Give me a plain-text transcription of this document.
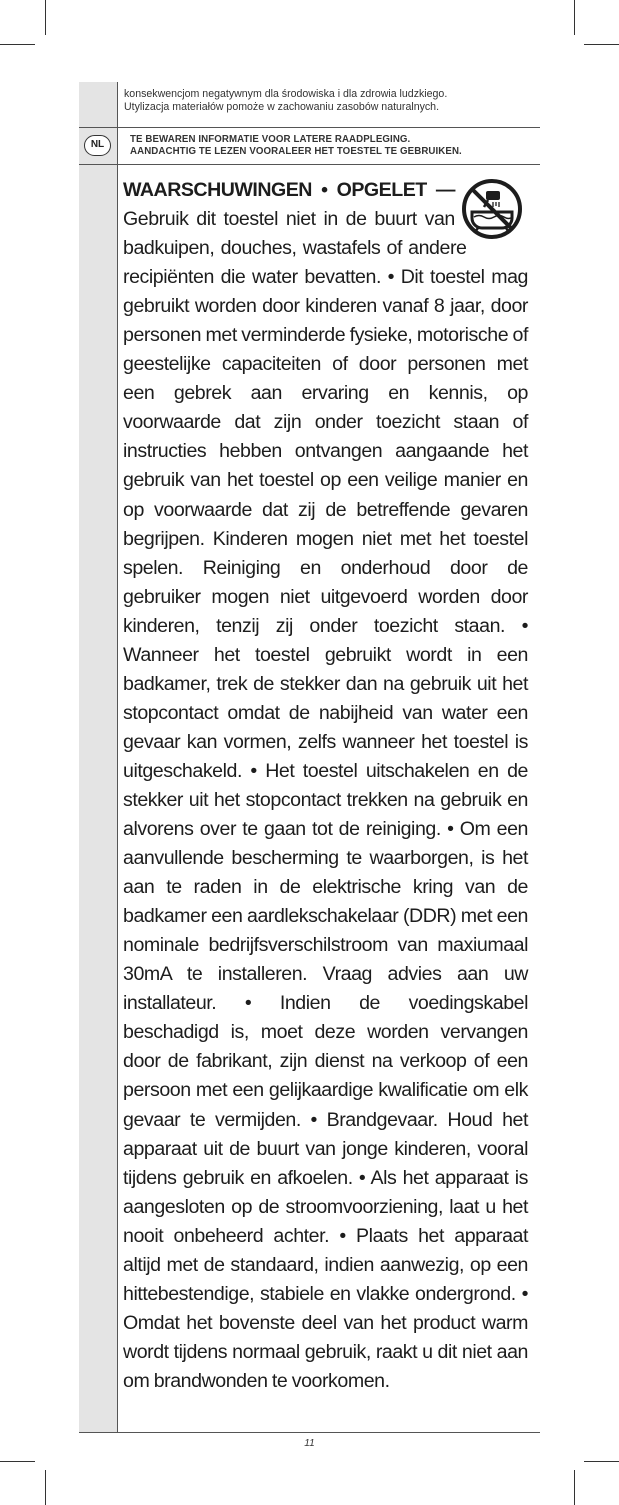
konsekwencjom negatywnym dla środowiska i dla zdrowia ludzkiego.
Utylizacja materiałów pomoże w zachowaniu zasobów naturalnych.
NL	TE BEWAREN INFORMATIE VOOR LATERE RAADPLEGING.
AANDACHTIG TE LEZEN VOORALEER HET TOESTEL TE GEBRUIKEN.
WAARSCHUWINGEN • OPGELET — Gebruik dit toestel niet in de buurt van badkuipen, douches, wastafels of andere recipiënten die water bevatten. • Dit toestel mag gebruikt worden door kinderen vanaf 8 jaar, door personen met verminderde fysieke, motorische of geestelijke capaciteiten of door personen met een gebrek aan ervaring en kennis, op voorwaarde dat zijn onder toezicht staan of instructies hebben ontvangen aangaande het gebruik van het toestel op een veilige manier en op voorwaarde dat zij de betreffende gevaren begrijpen. Kinderen mogen niet met het toestel spelen. Reiniging en onderhoud door de gebruiker mogen niet uitgevoerd worden door kinderen, tenzij zij onder toezicht staan. • Wanneer het toestel gebruikt wordt in een badkamer, trek de stekker dan na gebruik uit het stopcontact omdat de nabijheid van water een gevaar kan vormen, zelfs wanneer het toestel is uitgeschakeld. • Het toestel uitschakelen en de stekker uit het stopcontact trekken na gebruik en alvorens over te gaan tot de reiniging. • Om een aanvullende bescherming te waarborgen, is het aan te raden in de elektrische kring van de badkamer een aardlekschakelaar (DDR) met een nominale bedrijfsverschilstroom van maxiumaal 30mA te installeren. Vraag advies aan uw installateur. • Indien de voedingskabel beschadigd is, moet deze worden vervangen door de fabrikant, zijn dienst na verkoop of een persoon met een gelijkaardige kwalificatie om elk gevaar te vermijden. • Brandgevaar. Houd het apparaat uit de buurt van jonge kinderen, vooral tijdens gebruik en afkoelen. • Als het apparaat is aangesloten op de stroomvoorziening, laat u het nooit onbeheerd achter. • Plaats het apparaat altijd met de standaard, indien aanwezig, op een hittebestendige, stabiele en vlakke ondergrond. • Omdat het bovenste deel van het product warm wordt tijdens normaal gebruik, raakt u dit niet aan om brandwonden te voorkomen.
11
